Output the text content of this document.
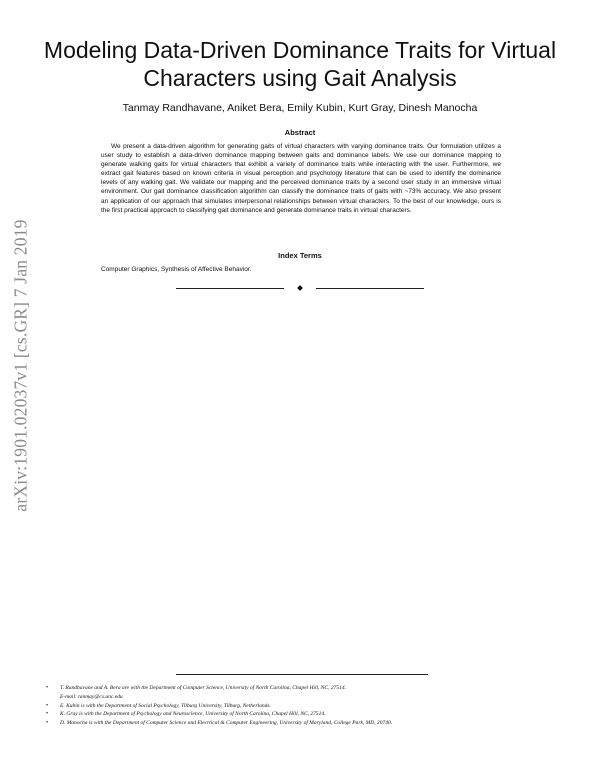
arXiv:1901.02037v1 [cs.GR] 7 Jan 2019
Modeling Data-Driven Dominance Traits for Virtual Characters using Gait Analysis
Tanmay Randhavane, Aniket Bera, Emily Kubin, Kurt Gray, Dinesh Manocha
Abstract
We present a data-driven algorithm for generating gaits of virtual characters with varying dominance traits. Our formulation utilizes a user study to establish a data-driven dominance mapping between gaits and dominance labels. We use our dominance mapping to generate walking gaits for virtual characters that exhibit a variety of dominance traits while interacting with the user. Furthermore, we extract gait features based on known criteria in visual perception and psychology literature that can be used to identify the dominance levels of any walking gait. We validate our mapping and the perceived dominance traits by a second user study in an immersive virtual environment. Our gait dominance classification algorithm can classify the dominance traits of gaits with ~73% accuracy. We also present an application of our approach that simulates interpersonal relationships between virtual characters. To the best of our knowledge, ours is the first practical approach to classifying gait dominance and generate dominance traits in virtual characters.
Index Terms
Computer Graphics, Synthesis of Affective Behavior.
• T. Randhavane and A. Bera are with the Department of Computer Science, University of North Carolina, Chapel Hill, NC, 27514.
E-mail: tanmay@cs.unc.edu
• E. Kubin is with the Department of Social Psychology, Tilburg University, Tilburg, Netherlands.
• K. Gray is with the Department of Psychology and Neuroscience, University of North Carolina, Chapel Hill, NC, 27514.
• D. Manocha is with the Department of Computer Science and Electrical & Computer Engineering, University of Maryland, College Park, MD, 20740.
